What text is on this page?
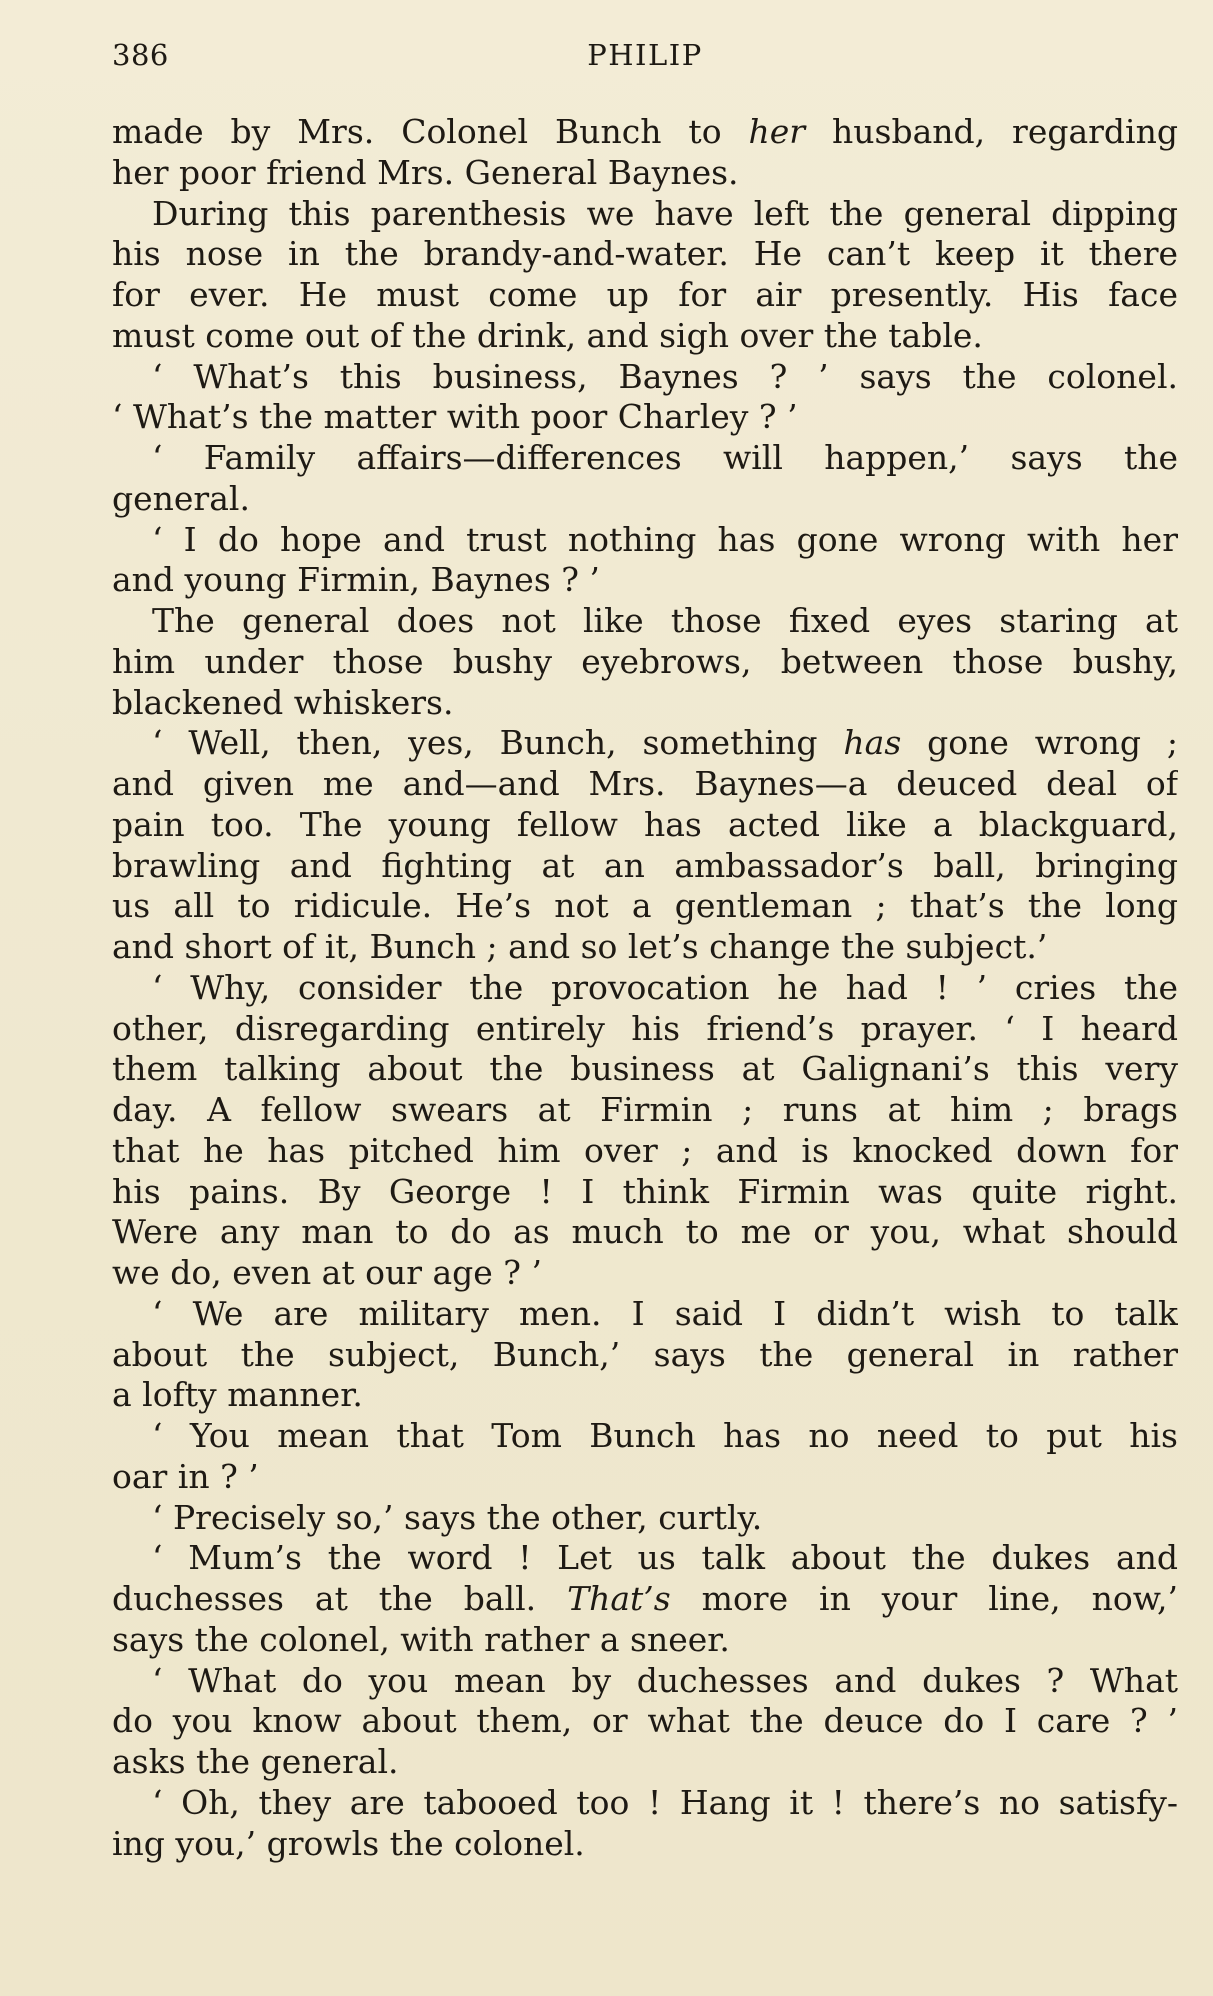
386	PHILIP
made by Mrs. Colonel Bunch to her husband, regarding
her poor friend Mrs. General Baynes.
During this parenthesis we have left the general dipping
his nose in the brandy-and-water. He can’t keep it there
for ever. He must come up for air presently. His face
must come out of the drink, and sigh over the table.
‘ What’s this business, Baynes ? ’ says the colonel.
‘ What’s the matter with poor Charley ? ’
‘ Family affairs—differences will happen,’ says the
general.
‘ I do hope and trust nothing has gone wrong with her
and young Firmin, Baynes ? ’
The general does not like those fixed eyes staring at
him under those bushy eyebrows, between those bushy,
blackened whiskers.
‘ Well, then, yes, Bunch, something has gone wrong ;
and given me and—and Mrs. Baynes—a deuced deal of
pain too. The young fellow has acted like a blackguard,
brawling and fighting at an ambassador’s ball, bringing
us all to ridicule. He’s not a gentleman ; that’s the long
and short of it, Bunch ; and so let’s change the subject.’
‘ Why, consider the provocation he had ! ’ cries the
other, disregarding entirely his friend’s prayer. ‘ I heard
them talking about the business at Galignani’s this very
day. A fellow swears at Firmin ; runs at him ; brags
that he has pitched him over ; and is knocked down for
his pains. By George ! I think Firmin was quite right.
Were any man to do as much to me or you, what should
we do, even at our age ? ’
‘ We are military men. I said I didn’t wish to talk
about the subject, Bunch,’ says the general in rather
a lofty manner.
‘ You mean that Tom Bunch has no need to put his
oar in ? ’
‘ Precisely so,’ says the other, curtly.
‘ Mum’s the word ! Let us talk about the dukes and
duchesses at the ball. That’s more in your line, now,’
says the colonel, with rather a sneer.
‘ What do you mean by duchesses and dukes ? What
do you know about them, or what the deuce do I care ? ’
asks the general.
‘ Oh, they are tabooed too ! Hang it ! there’s no satisfy-
ing you,’ growls the colonel.
